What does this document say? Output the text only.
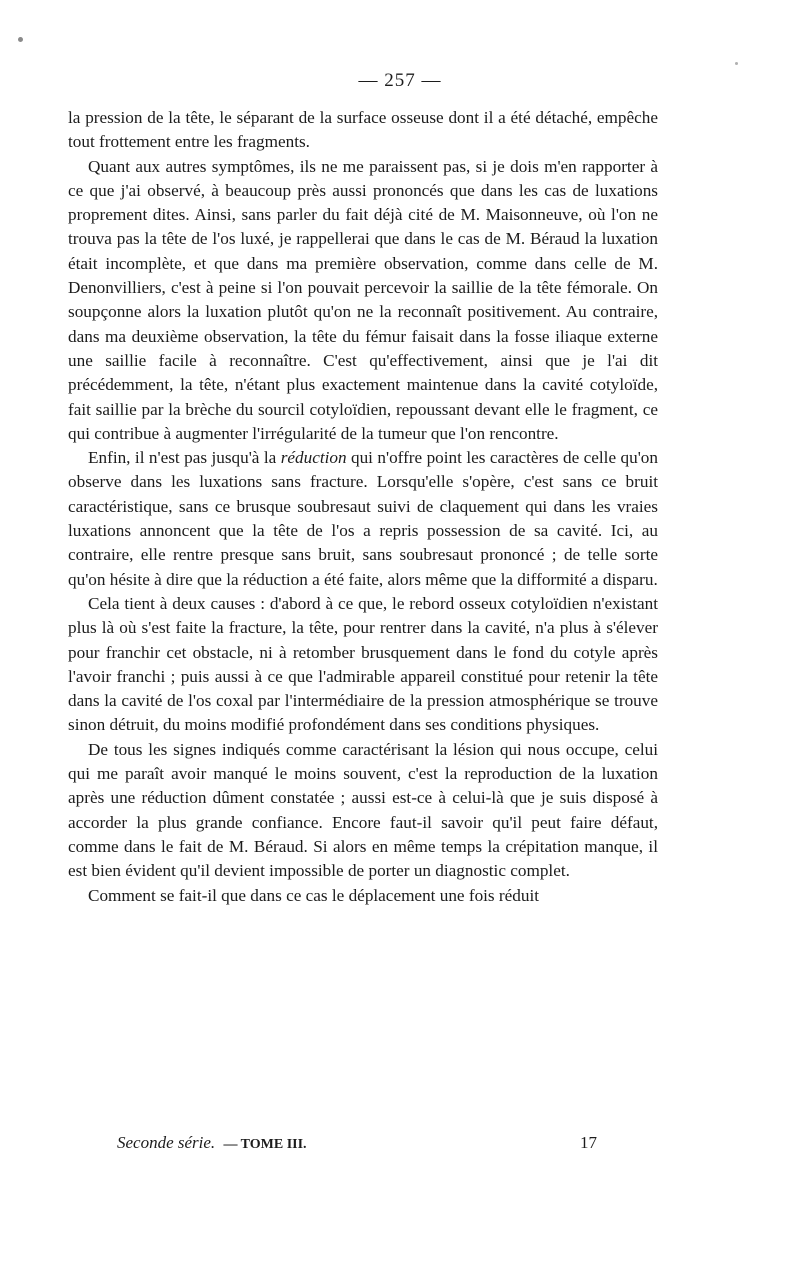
— 257 —

la pression de la tête, le séparant de la surface osseuse dont il a été détaché, empêche tout frottement entre les fragments.

Quant aux autres symptômes, ils ne me paraissent pas, si je dois m'en rapporter à ce que j'ai observé, à beaucoup près aussi prononcés que dans les cas de luxations proprement dites. Ainsi, sans parler du fait déjà cité de M. Maisonneuve, où l'on ne trouva pas la tête de l'os luxé, je rappellerai que dans le cas de M. Béraud la luxation était incomplète, et que dans ma première observation, comme dans celle de M. Denonvilliers, c'est à peine si l'on pouvait percevoir la saillie de la tête fémorale. On soupçonne alors la luxation plutôt qu'on ne la reconnaît positivement. Au contraire, dans ma deuxième observation, la tête du fémur faisait dans la fosse iliaque externe une saillie facile à reconnaître. C'est qu'effectivement, ainsi que je l'ai dit précédemment, la tête, n'étant plus exactement maintenue dans la cavité cotyloïde, fait saillie par la brèche du sourcil cotyloïdien, repoussant devant elle le fragment, ce qui contribue à augmenter l'irrégularité de la tumeur que l'on rencontre.

Enfin, il n'est pas jusqu'à la réduction qui n'offre point les caractères de celle qu'on observe dans les luxations sans fracture. Lorsqu'elle s'opère, c'est sans ce bruit caractéristique, sans ce brusque soubresaut suivi de claquement qui dans les vraies luxations annoncent que la tête de l'os a repris possession de sa cavité. Ici, au contraire, elle rentre presque sans bruit, sans soubresaut prononcé ; de telle sorte qu'on hésite à dire que la réduction a été faite, alors même que la difformité a disparu.

Cela tient à deux causes : d'abord à ce que, le rebord osseux cotyloïdien n'existant plus là où s'est faite la fracture, la tête, pour rentrer dans la cavité, n'a plus à s'élever pour franchir cet obstacle, ni à retomber brusquement dans le fond du cotyle après l'avoir franchi ; puis aussi à ce que l'admirable appareil constitué pour retenir la tête dans la cavité de l'os coxal par l'intermédiaire de la pression atmosphérique se trouve sinon détruit, du moins modifié profondément dans ses conditions physiques.

De tous les signes indiqués comme caractérisant la lésion qui nous occupe, celui qui me paraît avoir manqué le moins souvent, c'est la reproduction de la luxation après une réduction dûment constatée ; aussi est-ce à celui-là que je suis disposé à accorder la plus grande confiance. Encore faut-il savoir qu'il peut faire défaut, comme dans le fait de M. Béraud. Si alors en même temps la crépitation manque, il est bien évident qu'il devient impossible de porter un diagnostic complet.

Comment se fait-il que dans ce cas le déplacement une fois réduit

Seconde série. — TOME III.	17
